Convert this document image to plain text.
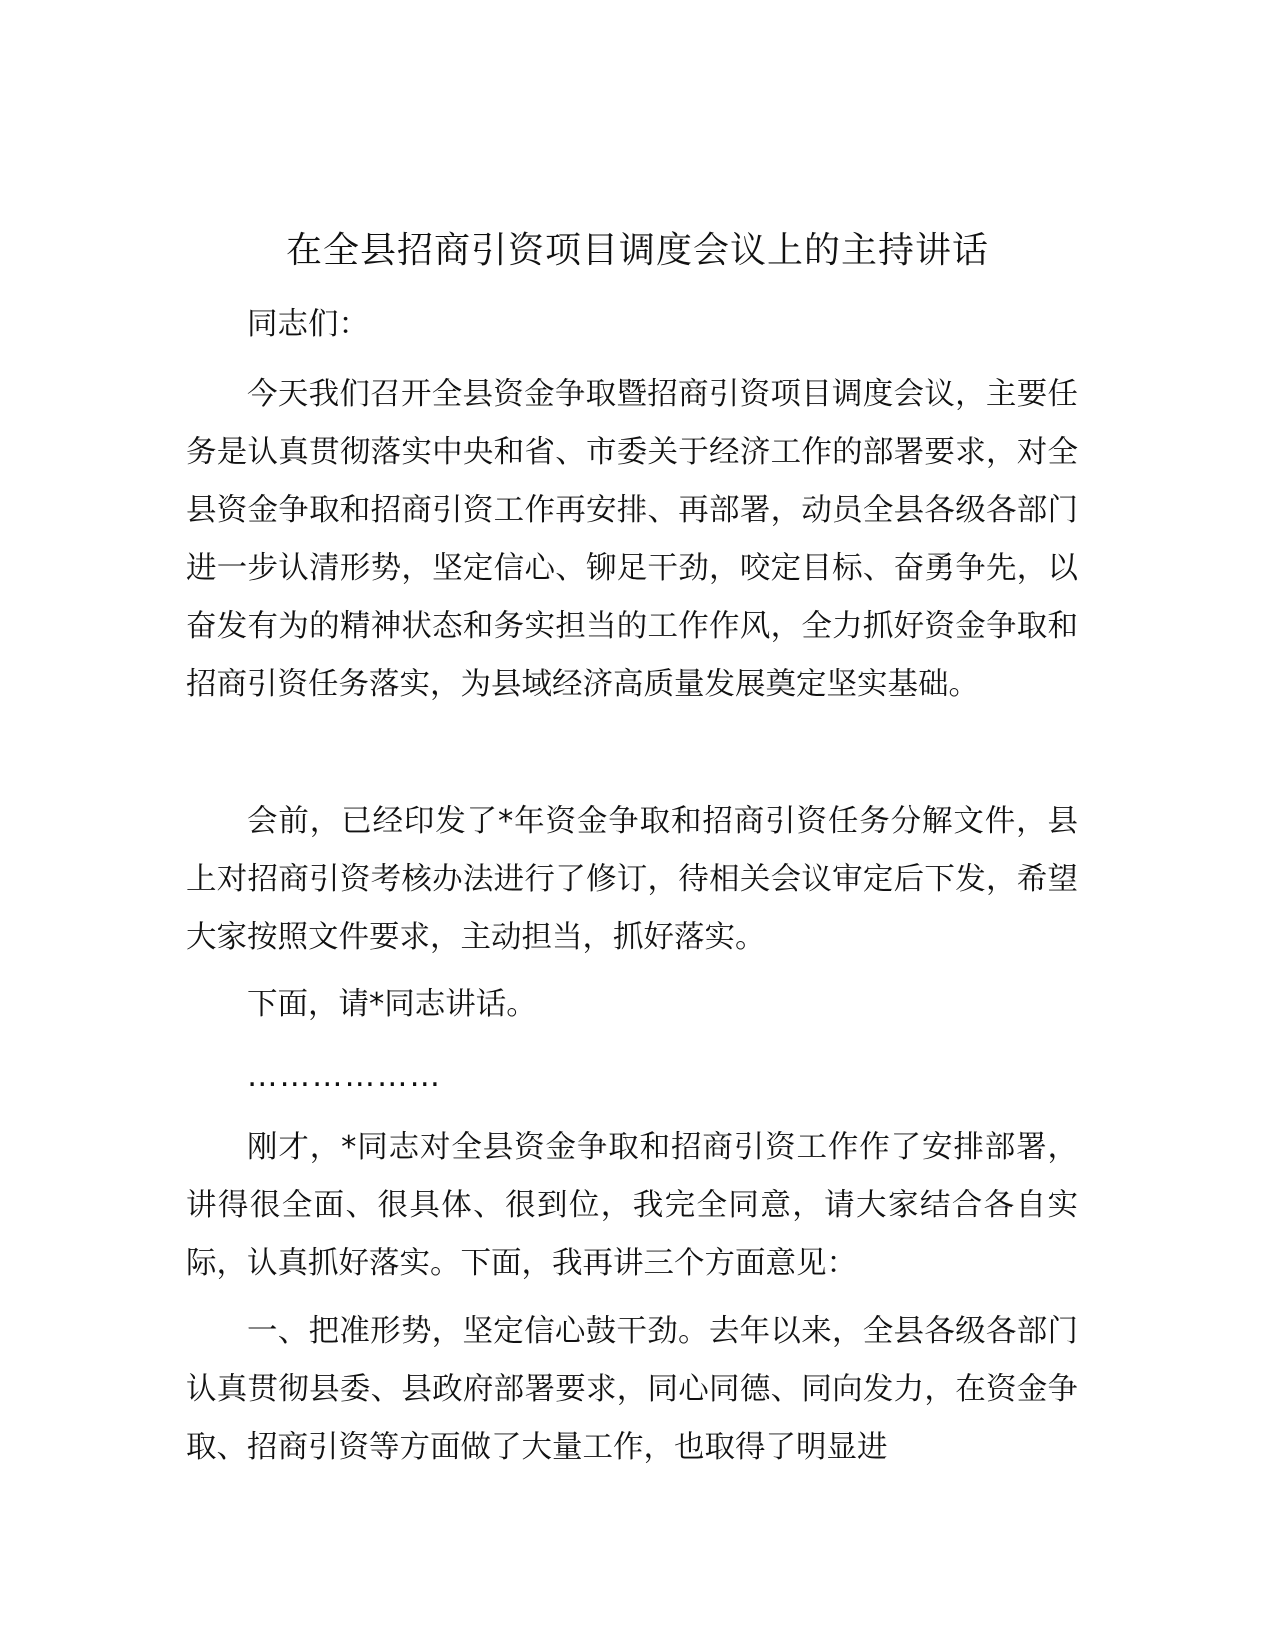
在全县招商引资项目调度会议上的主持讲话

同志们：

今天我们召开全县资金争取暨招商引资项目调度会议，主要任务是认真贯彻落实中央和省、市委关于经济工作的部署要求，对全县资金争取和招商引资工作再安排、再部署，动员全县各级各部门进一步认清形势，坚定信心、铆足干劲，咬定目标、奋勇争先，以奋发有为的精神状态和务实担当的工作作风，全力抓好资金争取和招商引资任务落实，为县域经济高质量发展奠定坚实基础。

会前，已经印发了*年资金争取和招商引资任务分解文件，县上对招商引资考核办法进行了修订，待相关会议审定后下发，希望大家按照文件要求，主动担当，抓好落实。

下面，请*同志讲话。

………………

刚才，*同志对全县资金争取和招商引资工作作了安排部署，讲得很全面、很具体、很到位，我完全同意，请大家结合各自实际，认真抓好落实。下面，我再讲三个方面意见：

一、把准形势，坚定信心鼓干劲。去年以来，全县各级各部门认真贯彻县委、县政府部署要求，同心同德、同向发力，在资金争取、招商引资等方面做了大量工作，也取得了明显进
